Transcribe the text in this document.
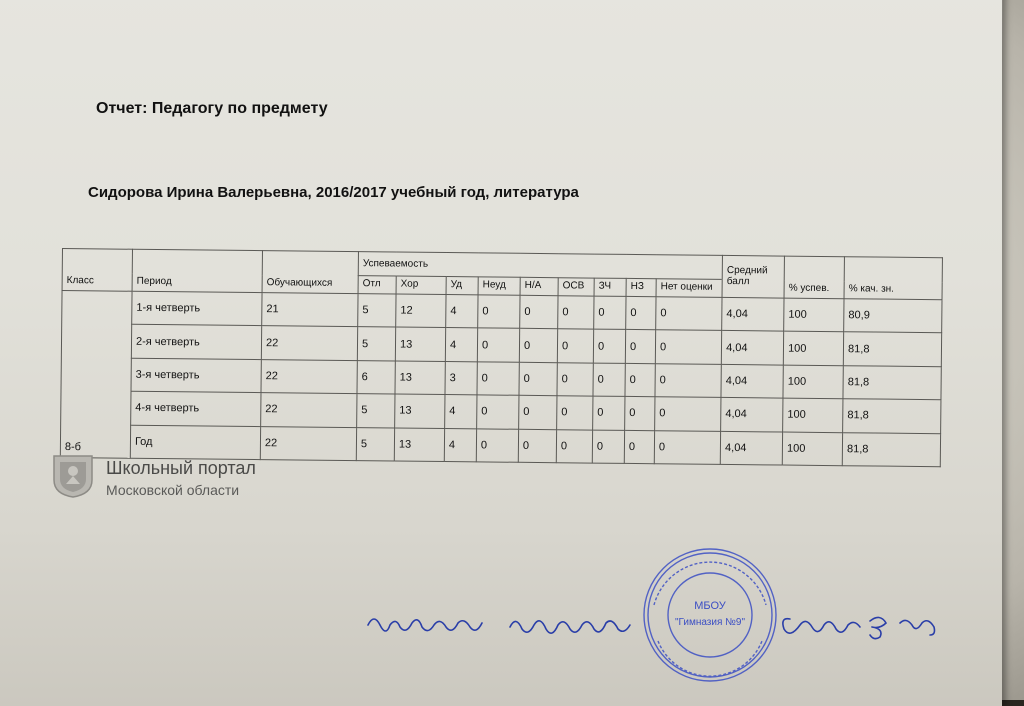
Отчет: Педагогу по предмету
Сидорова Ирина Валерьевна, 2016/2017 учебный год, литература
Класс	Период	Обучающихся	Успеваемость									Средний балл	% успев.	% кач. зн.
			Отл	Хор	Уд	Неуд	Н/А	ОСВ	ЗЧ	НЗ	Нет оценки			
8-б	1-я четверть	21	5	12	4	0	0	0	0	0	0	4,04	100	80,9
	2-я четверть	22	5	13	4	0	0	0	0	0	0	4,04	100	81,8
	3-я четверть	22	6	13	3	0	0	0	0	0	0	4,04	100	81,8
	4-я четверть	22	5	13	4	0	0	0	0	0	0	4,04	100	81,8
	Год	22	5	13	4	0	0	0	0	0	0	4,04	100	81,8
Школьный портал
Московской области
МБОУ
"Гимназия №9"
